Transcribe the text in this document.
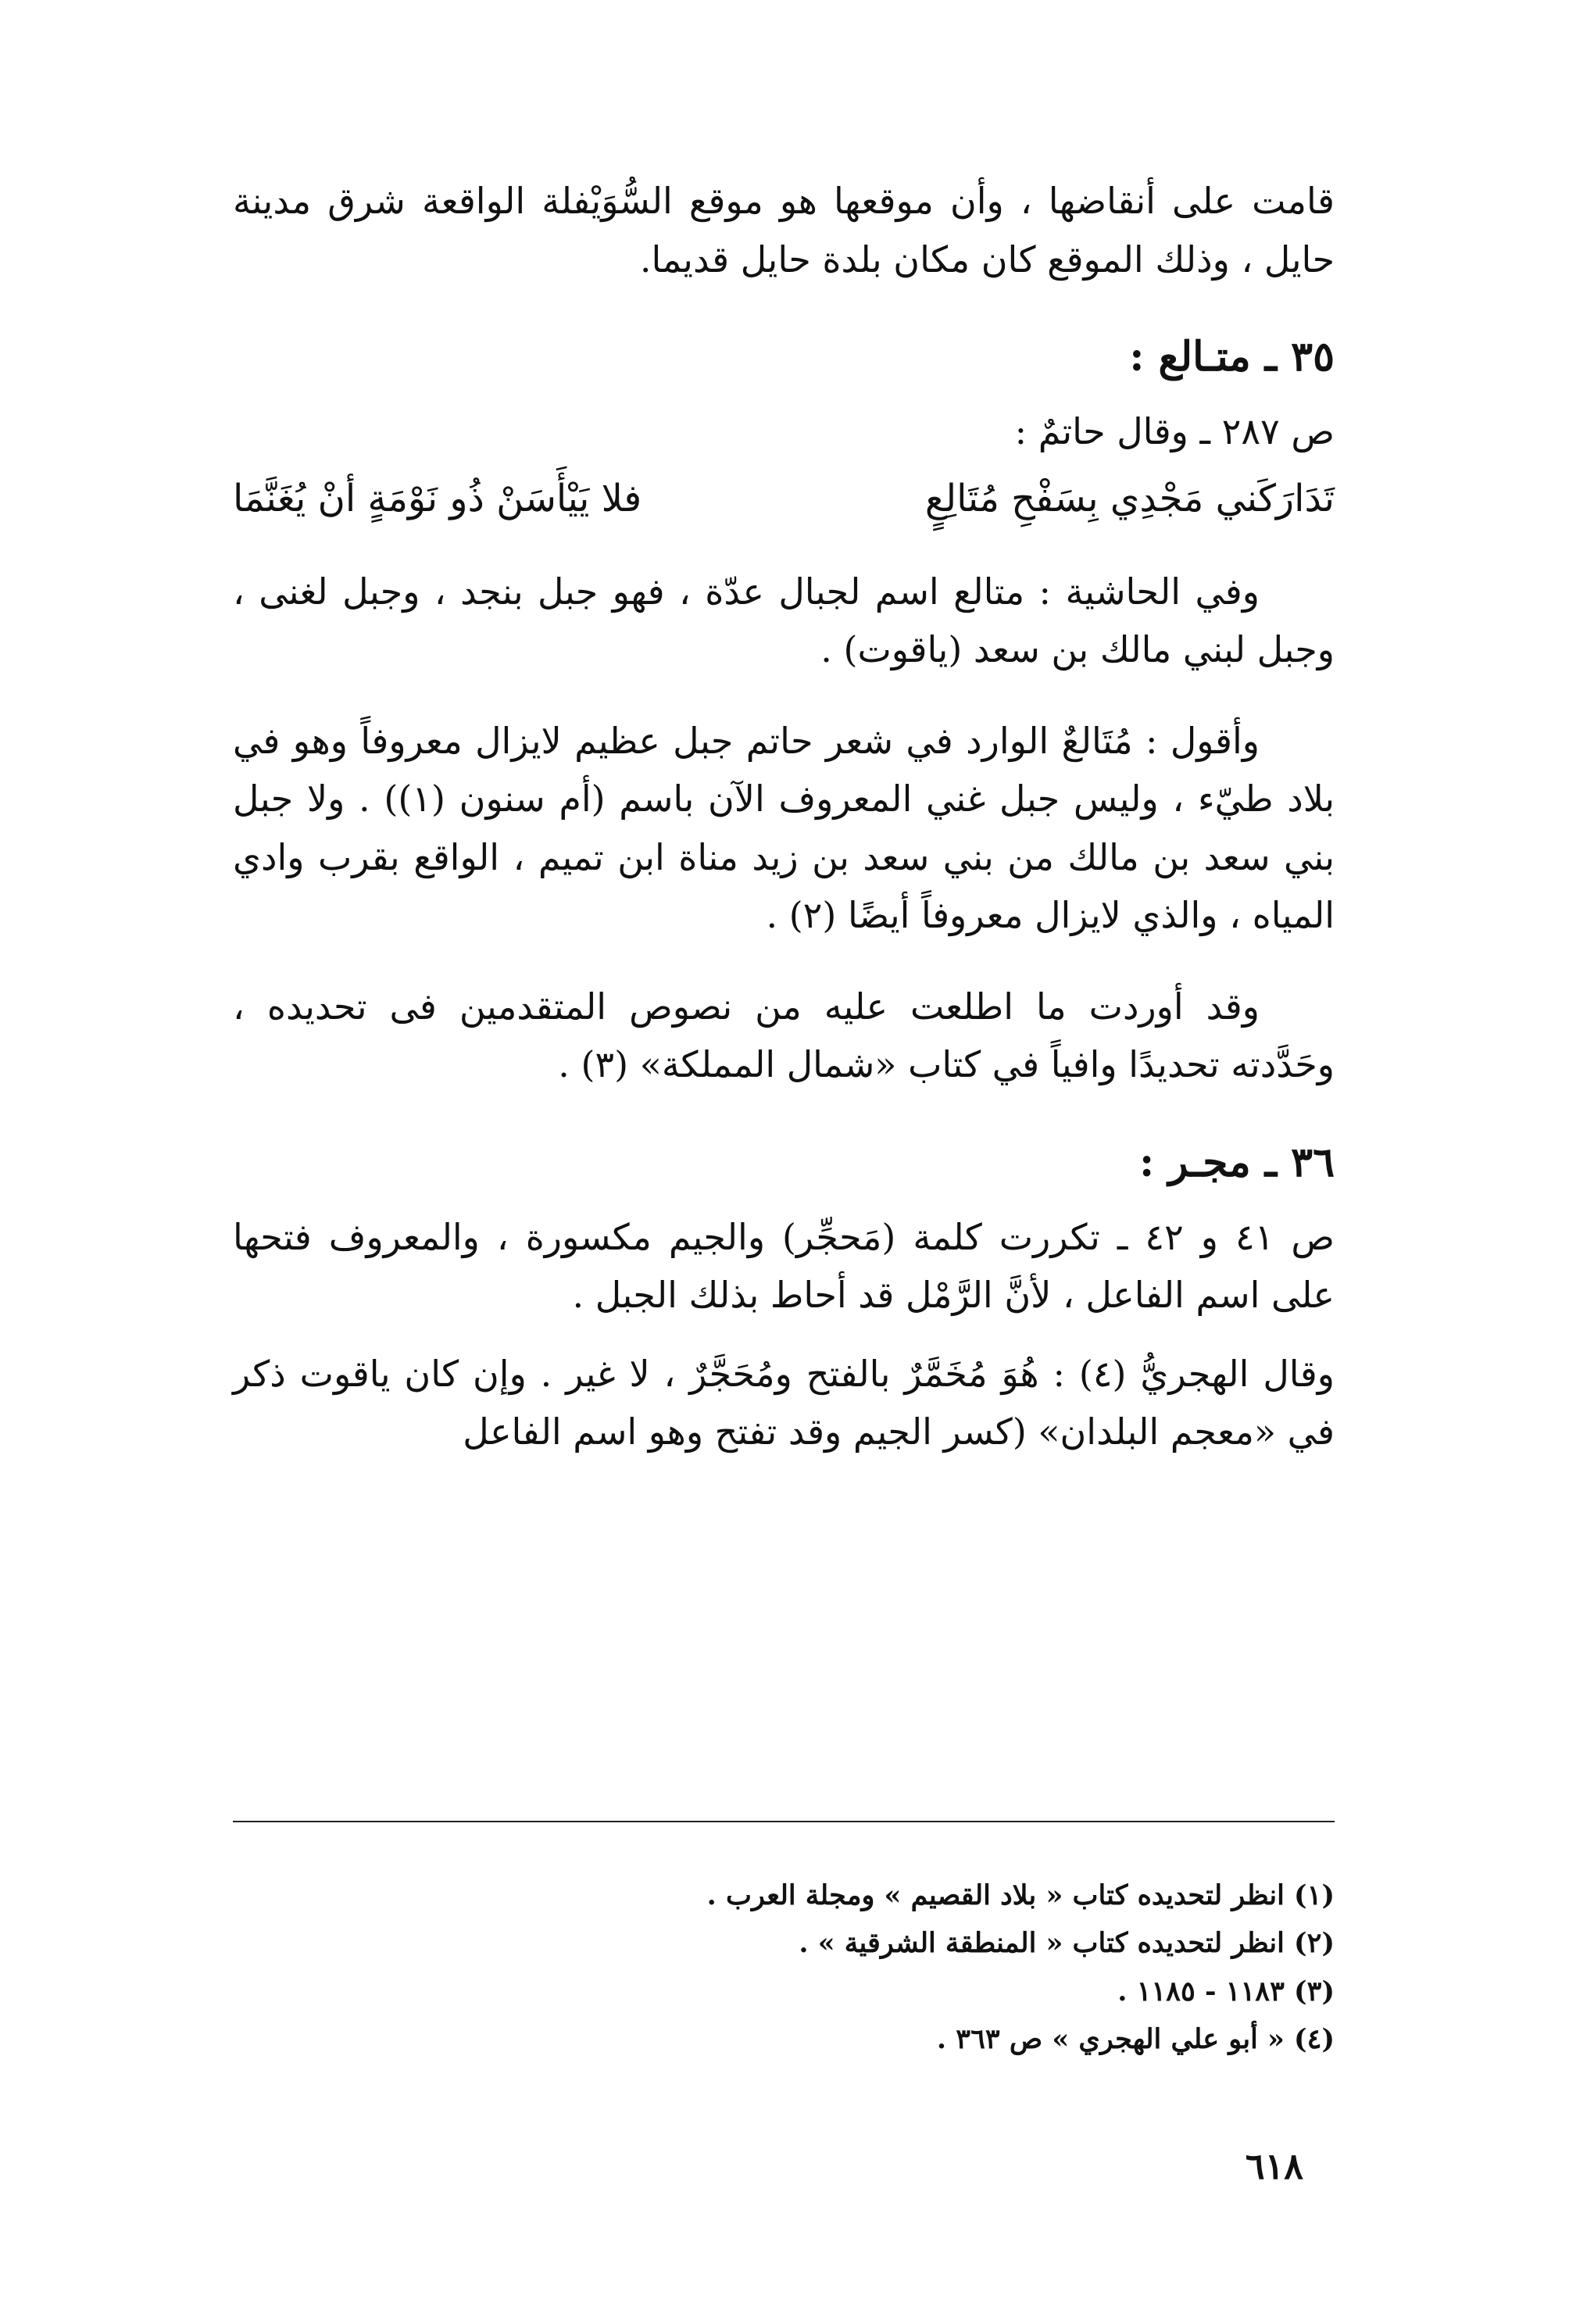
قامت على أنقاضها ، وأن موقعها هو موقع السُّوَيْفلة الواقعة شرق مدينة حايل ، وذلك الموقع كان مكان بلدة حايل قديما.

٣٥ ـ متـالع :

ص ٢٨٧ ـ وقال حاتمٌ :

تَدَارَكَني مَجْدِي بِسَفْحِ مُتَالِعٍ
فلا يَيْأَسَنْ ذُو نَوْمَةٍ أنْ يُغَنَّمَا

وفي الحاشية : متالع اسم لجبال عدّة ، فهو جبل بنجد ، وجبل لغنى ، وجبل لبني مالك بن سعد (ياقوت) .

وأقول : مُتَالعٌ الوارد في شعر حاتم جبل عظيم لايزال معروفاً وهو في بلاد طيّء ، وليس جبل غني المعروف الآن باسم (أم سنون (١)) . ولا جبل بني سعد بن مالك من بني سعد بن زيد مناة ابن تميم ، الواقع بقرب وادي المياه ، والذي لايزال معروفاً أيضًا (٢) .

وقد أوردت ما اطلعت عليه من نصوص المتقدمين فى تحديده ، وحَدَّدته تحديدًا وافياً في كتاب «شمال المملكة» (٣) .

٣٦ ـ مجـر :

ص ٤١ و ٤٢ ـ تكررت كلمة (مَحجِّر) والجيم مكسورة ، والمعروف فتحها على اسم الفاعل ، لأنَّ الرَّمْل قد أحاط بذلك الجبل .

وقال الهجريُّ (٤) : هُوَ مُخَمَّرٌ بالفتح ومُحَجَّرٌ ، لا غير . وإن كان ياقوت ذكر في «معجم البلدان» (كسر الجيم وقد تفتح وهو اسم الفاعل

(١) انظر لتحديده كتاب « بلاد القصيم » ومجلة العرب .

(٢) انظر لتحديده كتاب « المنطقة الشرقية » .

(٣) ١١٨٣ - ١١٨٥ .

(٤) « أبو علي الهجري » ص ٣٦٣ .

٦١٨
